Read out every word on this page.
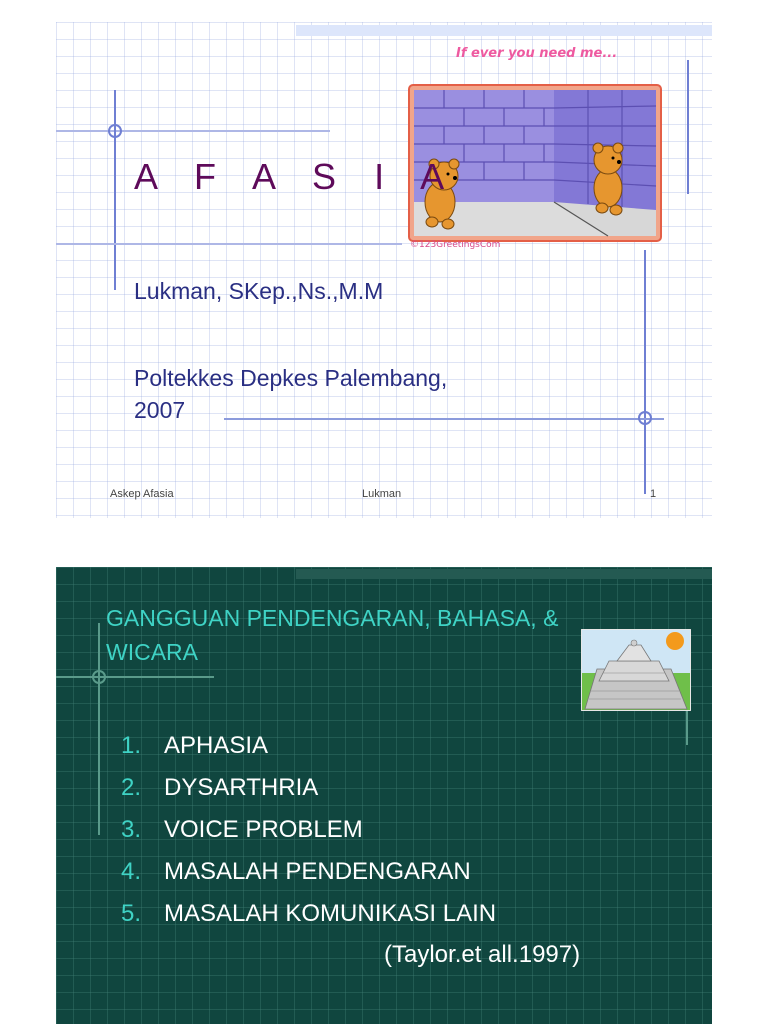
If ever you need me...
©123GreetingsCom
A F A S I A
Lukman, SKep.,Ns.,M.M
Poltekkes Depkes Palembang,
2007
Askep Afasia	Lukman	1
GANGGUAN PENDENGARAN, BAHASA, &
WICARA
1. APHASIA
2. DYSARTHRIA
3. VOICE PROBLEM
4. MASALAH PENDENGARAN
5. MASALAH KOMUNIKASI LAIN
(Taylor.et all.1997)
